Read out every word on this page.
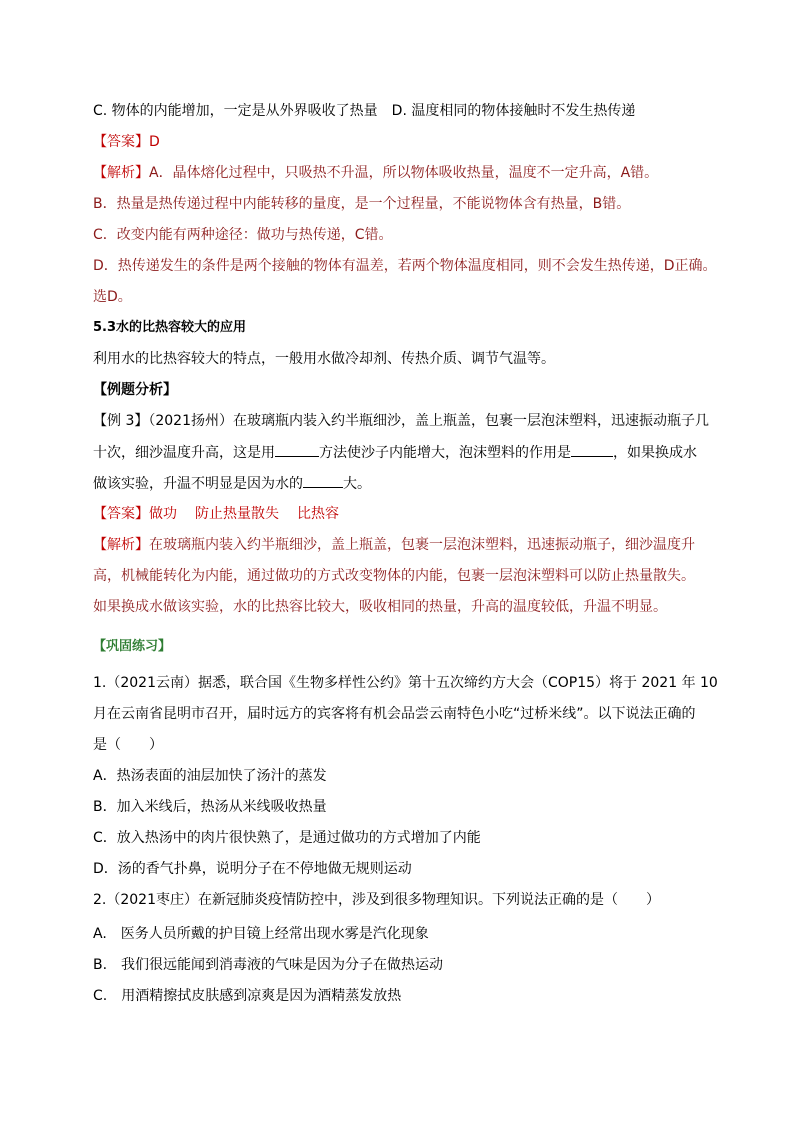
C. 物体的内能增加，一定是从外界吸收了热量　D. 温度相同的物体接触时不发生热传递
【答案】D
【解析】A．晶体熔化过程中，只吸热不升温，所以物体吸收热量，温度不一定升高，A错。
B．热量是热传递过程中内能转移的量度，是一个过程量，不能说物体含有热量，B错。
C．改变内能有两种途径：做功与热传递，C错。
D．热传递发生的条件是两个接触的物体有温差，若两个物体温度相同，则不会发生热传递，D正确。
选D。
5.3水的比热容较大的应用
利用水的比热容较大的特点，一般用水做冷却剂、传热介质、调节气温等。
【例题分析】
【例 3】（2021扬州）在玻璃瓶内装入约半瓶细沙，盖上瓶盖，包裹一层泡沫塑料，迅速振动瓶子几
十次，细沙温度升高，这是用	方法使沙子内能增大，泡沫塑料的作用是	，如果换成水
做该实验，升温不明显是因为水的	大。
【答案】做功 防止热量散失 比热容
【解析】在玻璃瓶内装入约半瓶细沙，盖上瓶盖，包裹一层泡沫塑料，迅速振动瓶子，细沙温度升
高，机械能转化为内能，通过做功的方式改变物体的内能，包裹一层泡沫塑料可以防止热量散失。
如果换成水做该实验，水的比热容比较大，吸收相同的热量，升高的温度较低，升温不明显。
【巩固练习】
1.（2021云南）据悉，联合国《生物多样性公约》第十五次缔约方大会（COP15）将于 2021 年 10
月在云南省昆明市召开，届时远方的宾客将有机会品尝云南特色小吃“过桥米线”。以下说法正确的
是（　　）
A．热汤表面的油层加快了汤汁的蒸发
B．加入米线后，热汤从米线吸收热量
C．放入热汤中的肉片很快熟了，是通过做功的方式增加了内能
D．汤的香气扑鼻，说明分子在不停地做无规则运动
2.（2021枣庄）在新冠肺炎疫情防控中，涉及到很多物理知识。下列说法正确的是（　　）
A.　医务人员所戴的护目镜上经常出现水雾是汽化现象
B.　我们很远能闻到消毒液的气味是因为分子在做热运动
C.　用酒精擦拭皮肤感到凉爽是因为酒精蒸发放热
